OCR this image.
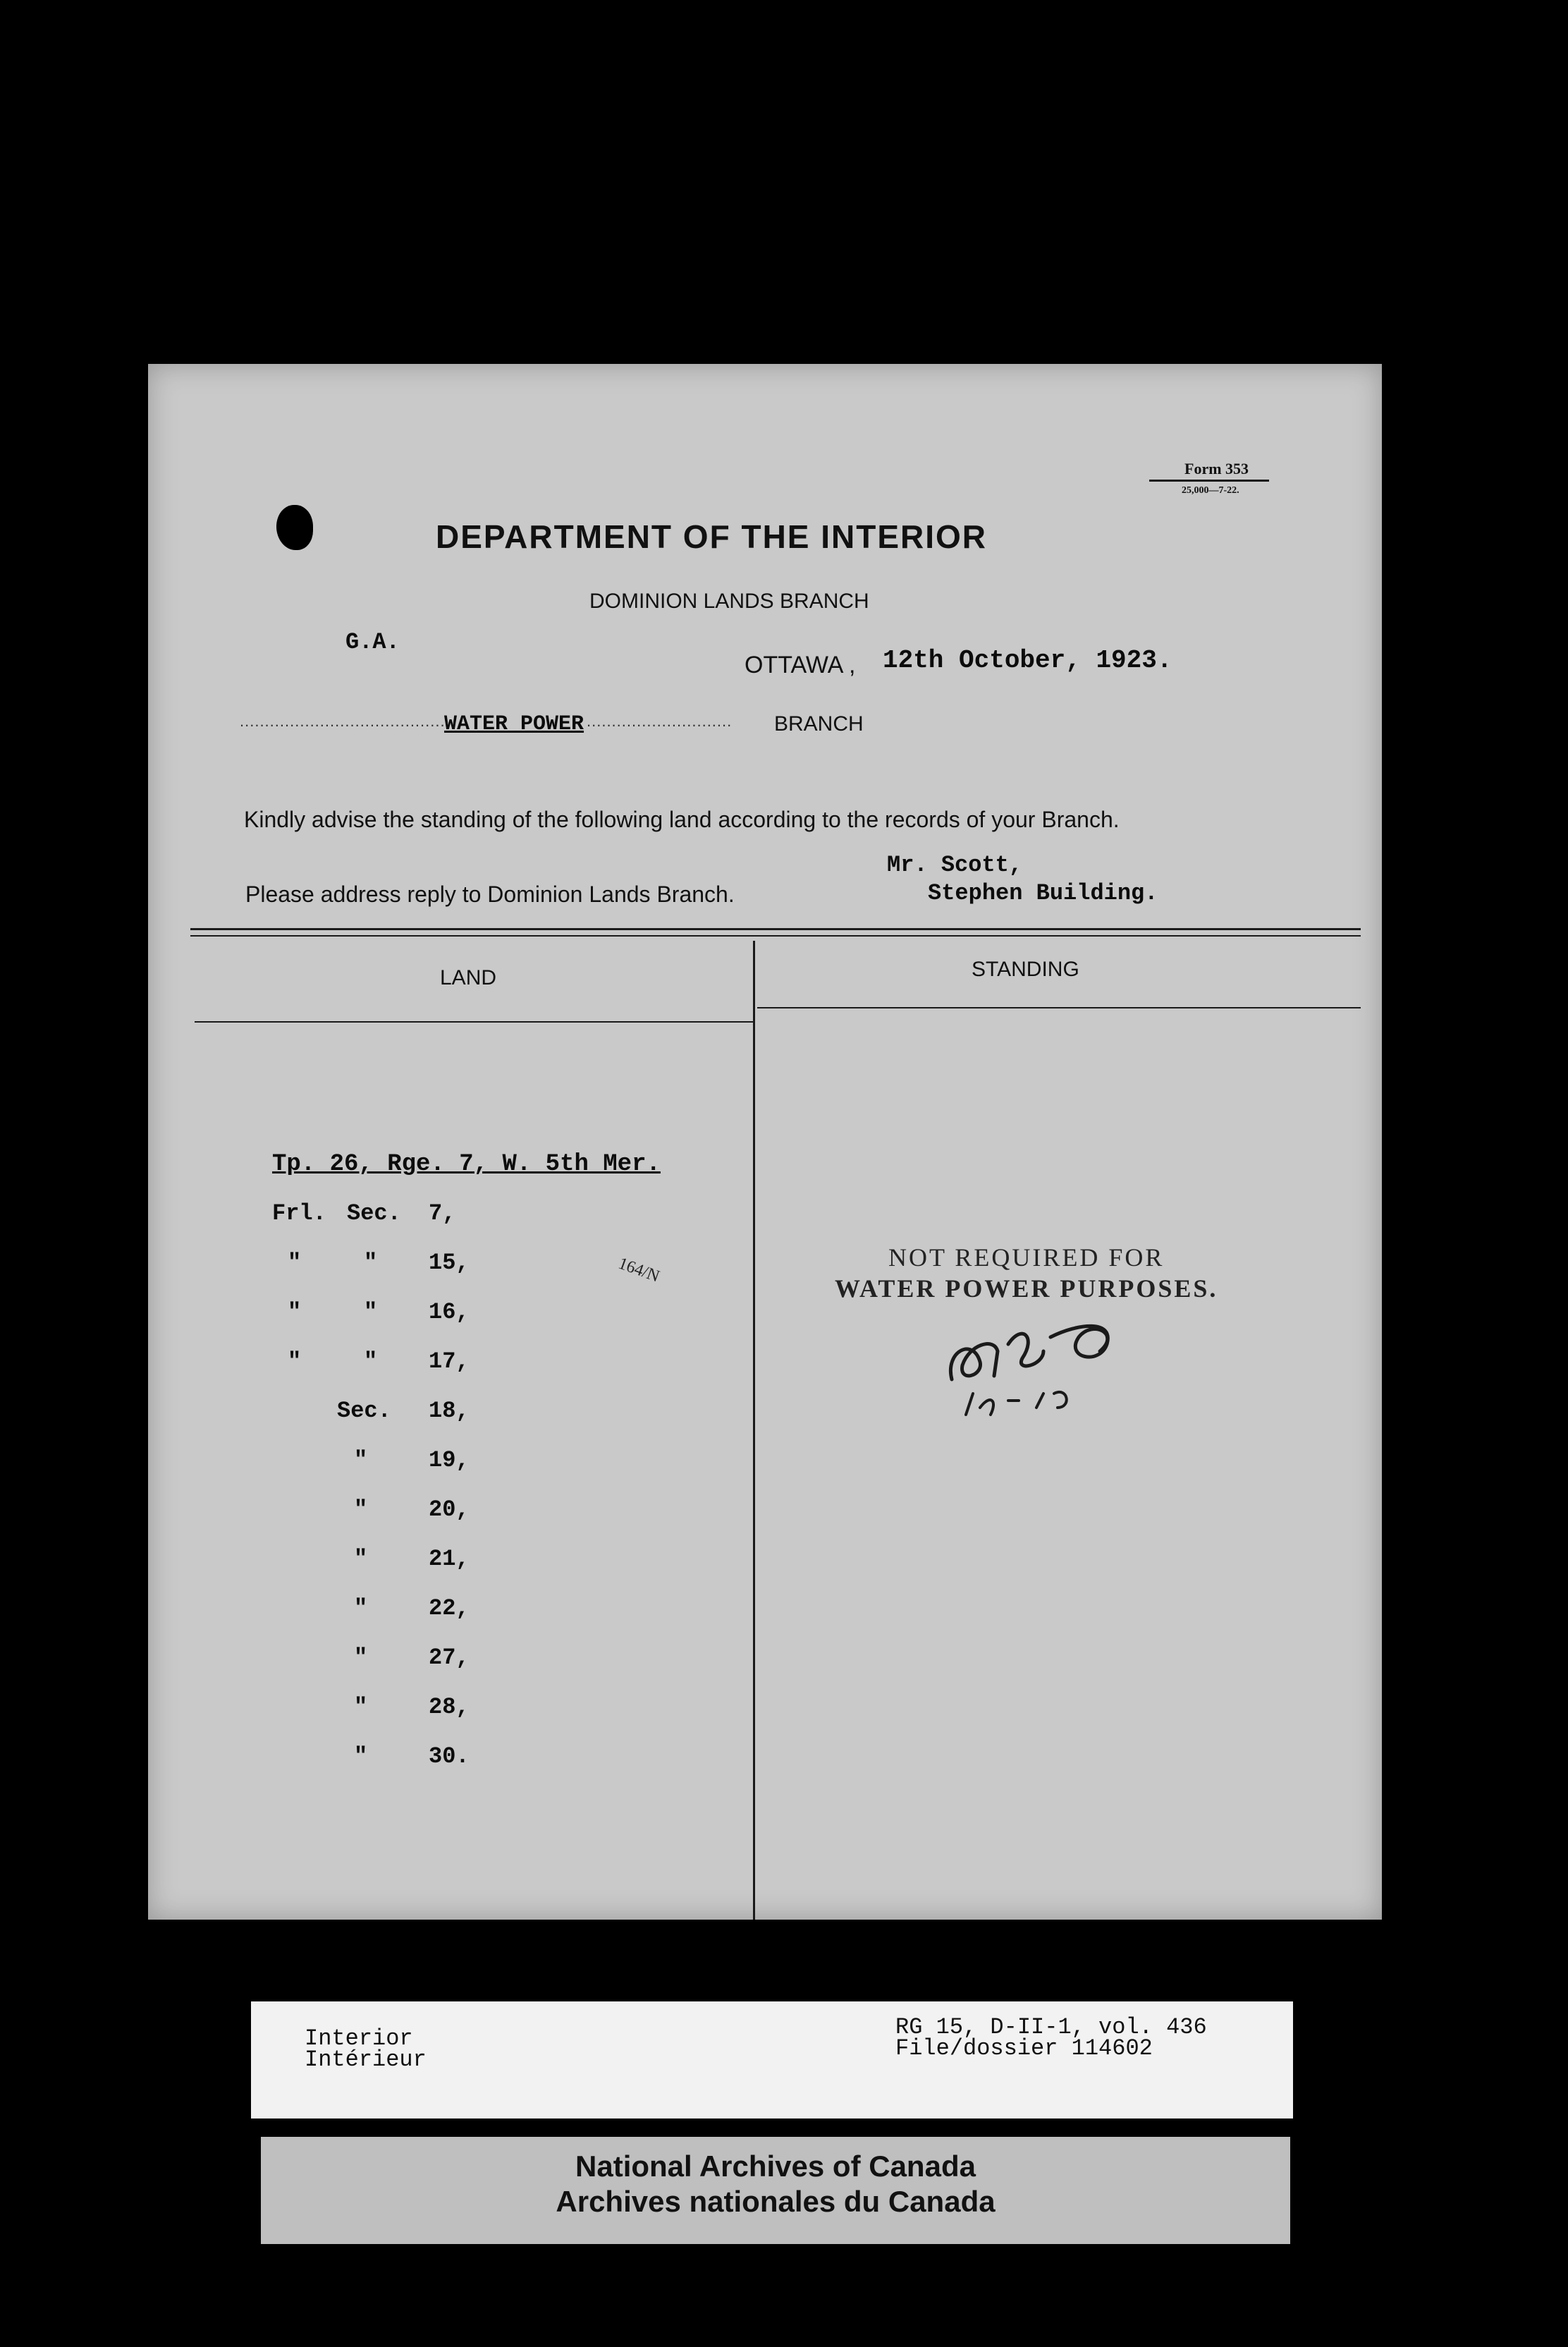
Form 353
25,000—7-22.
DEPARTMENT OF THE INTERIOR
DOMINION LANDS BRANCH
G.A.
OTTAWA , 12th October, 1923.
...........................................
WATER POWER ............................. BRANCH
Kindly advise the standing of the following land according to the records of your Branch.
Mr. Scott,
Please address reply to Dominion Lands Branch.	Stephen Building.
LAND	STANDING
Tp. 26, Rge. 7, W. 5th Mer.
164/N	NOT REQUIRED FOR
WATER POWER PURPOSES.
Frl. Sec. 7,
"	" 15,
"	" 16,
"	" 17,
Sec. 18,
"	19,
"	20,
"	21,
"	22,
"	27,
"	28,
"	30.
Interior
Intérieur
RG 15, D-II-1, vol. 436
File/dossier 114602
National Archives of Canada
Archives nationales du Canada
